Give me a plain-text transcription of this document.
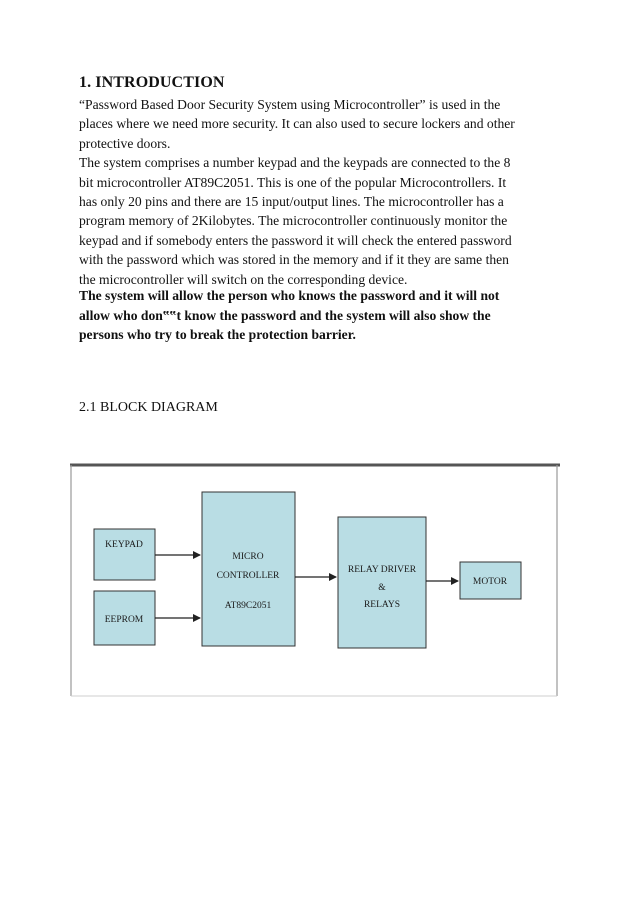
1. INTRODUCTION

“Password Based Door Security System using Microcontroller” is used in the

places where we need more security. It can also used to secure lockers and other

protective doors.

The system comprises a number keypad and the keypads are connected to the 8

bit microcontroller AT89C2051. This is one of the popular Microcontrollers. It

has only 20 pins and there are 15 input/output lines. The microcontroller has a

program memory of 2Kilobytes. The microcontroller continuously monitor the

keypad and if somebody enters the password it will check the entered password

with the password which was stored in the memory and if it they are same then

the microcontroller will switch on the corresponding device.

The system will allow the person who knows the password and it will not

allow who don‟‟t know the password and the system will also show the

persons who try to break the protection barrier.

2.1 BLOCK DIAGRAM
KEYPAD
EEPROM
MICRO
CONTROLLER
AT89C2051
RELAY DRIVER
&
RELAYS
MOTOR
